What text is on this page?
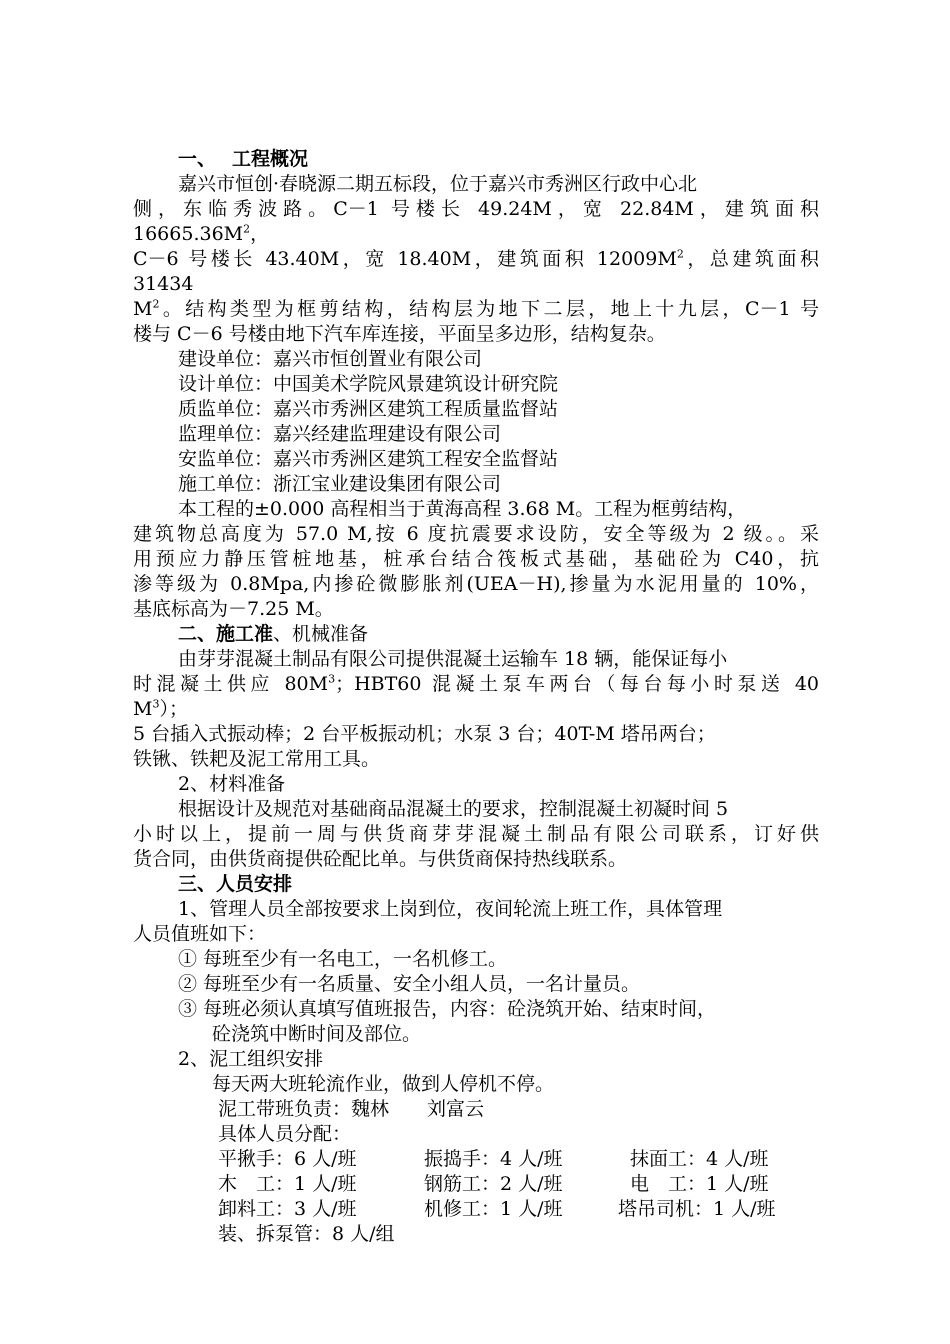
一、 工程概况
嘉兴市恒创·春晓源二期五标段，位于嘉兴市秀洲区行政中心北
侧，东临秀波路。C－1 号楼长 49.24M，宽 22.84M，建筑面积
$16665.36M^2$，
C－6 号楼长 43.40M，宽 18.40M，建筑面积 $12009M^2$，总建筑面积
31434
$M^2$。结构类型为框剪结构，结构层为地下二层，地上十九层，C－1 号
楼与 C－6 号楼由地下汽车库连接，平面呈多边形，结构复杂。
建设单位：嘉兴市恒创置业有限公司
设计单位：中国美术学院风景建筑设计研究院
质监单位：嘉兴市秀洲区建筑工程质量监督站
监理单位：嘉兴经建监理建设有限公司
安监单位：嘉兴市秀洲区建筑工程安全监督站
施工单位：浙江宝业建设集团有限公司
本工程的±0.000 高程相当于黄海高程 3.68 M。工程为框剪结构，
建筑物总高度为 57.0 M,按 6 度抗震要求设防，安全等级为 2 级。。采
用预应力静压管桩地基，桩承台结合筏板式基础，基础砼为 C40，抗
渗等级为 0.8Mpa,内掺砼微膨胀剂(UEA－H),掺量为水泥用量的 10%，
基底标高为－7.25 M。
二、施工准、机械准备
由芽芽混凝土制品有限公司提供混凝土运输车 18 辆，能保证每小
时混凝土供应 $80M^3$；HBT60 混凝土泵车两台（每台每小时泵送 40
$M^3$）；
5 台插入式振动棒；2 台平板振动机；水泵 3 台；40T-M 塔吊两台；
铁锹、铁耙及泥工常用工具。
2、材料准备
根据设计及规范对基础商品混凝土的要求，控制混凝土初凝时间 5
小时以上，提前一周与供货商芽芽混凝土制品有限公司联系，订好供
货合同，由供货商提供砼配比单。与供货商保持热线联系。
三、人员安排
1、管理人员全部按要求上岗到位，夜间轮流上班工作，具体管理
人员值班如下：
① 每班至少有一名电工，一名机修工。
② 每班至少有一名质量、安全小组人员，一名计量员。
③ 每班必须认真填写值班报告，内容：砼浇筑开始、结束时间，
砼浇筑中断时间及部位。
2、泥工组织安排
每天两大班轮流作业，做到人停机不停。
泥工带班负责：魏林　　刘富云
具体人员分配：
平揪手：6 人/班	振捣手：4 人/班	抹面工：4 人/班
木　工：1 人/班	钢筋工：2 人/班	电　工：1 人/班
卸料工：3 人/班	机修工：1 人/班	塔吊司机：1 人/班
装、拆泵管：8 人/组
